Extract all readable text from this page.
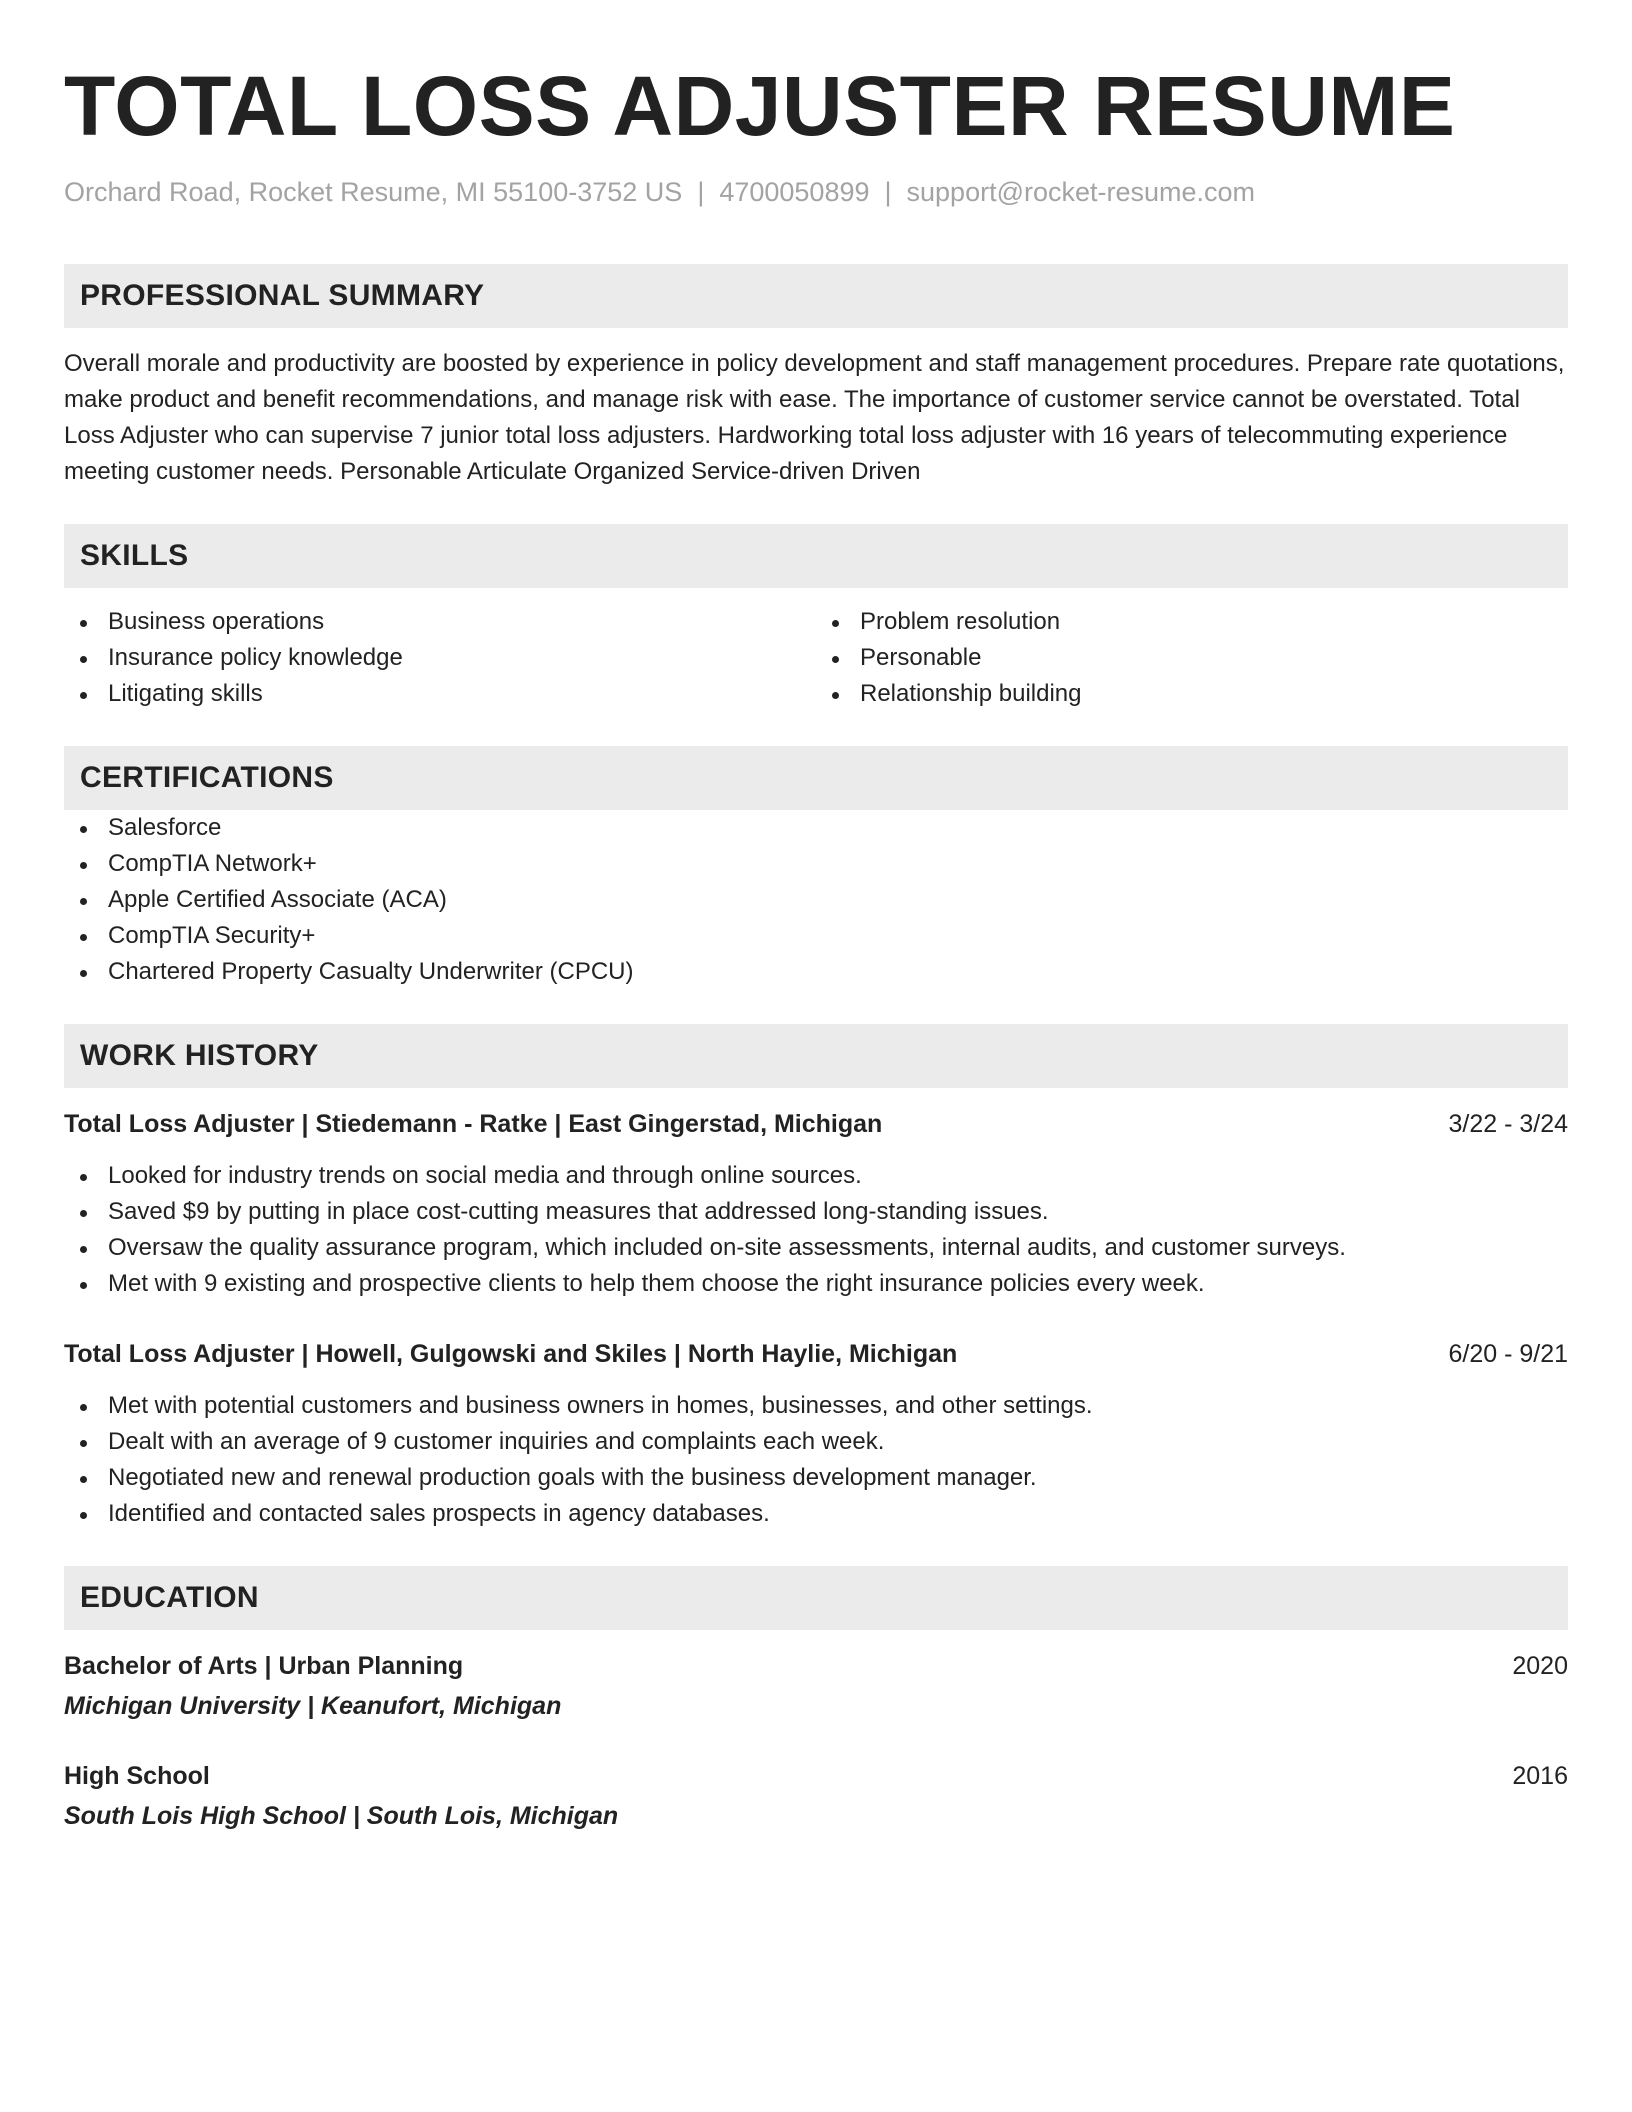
TOTAL LOSS ADJUSTER RESUME
Orchard Road, Rocket Resume, MI 55100-3752 US | 4700050899 | support@rocket-resume.com
PROFESSIONAL SUMMARY
Overall morale and productivity are boosted by experience in policy development and staff management procedures. Prepare rate quotations, make product and benefit recommendations, and manage risk with ease. The importance of customer service cannot be overstated. Total Loss Adjuster who can supervise 7 junior total loss adjusters. Hardworking total loss adjuster with 16 years of telecommuting experience meeting customer needs. Personable Articulate Organized Service-driven Driven
SKILLS
Business operations
Insurance policy knowledge
Litigating skills
Problem resolution
Personable
Relationship building
CERTIFICATIONS
Salesforce
CompTIA Network+
Apple Certified Associate (ACA)
CompTIA Security+
Chartered Property Casualty Underwriter (CPCU)
WORK HISTORY
Total Loss Adjuster | Stiedemann - Ratke | East Gingerstad, Michigan	3/22 - 3/24
Looked for industry trends on social media and through online sources.
Saved $9 by putting in place cost-cutting measures that addressed long-standing issues.
Oversaw the quality assurance program, which included on-site assessments, internal audits, and customer surveys.
Met with 9 existing and prospective clients to help them choose the right insurance policies every week.
Total Loss Adjuster | Howell, Gulgowski and Skiles | North Haylie, Michigan	6/20 - 9/21
Met with potential customers and business owners in homes, businesses, and other settings.
Dealt with an average of 9 customer inquiries and complaints each week.
Negotiated new and renewal production goals with the business development manager.
Identified and contacted sales prospects in agency databases.
EDUCATION
Bachelor of Arts | Urban Planning	2020
Michigan University | Keanufort, Michigan
High School	2016
South Lois High School | South Lois, Michigan
